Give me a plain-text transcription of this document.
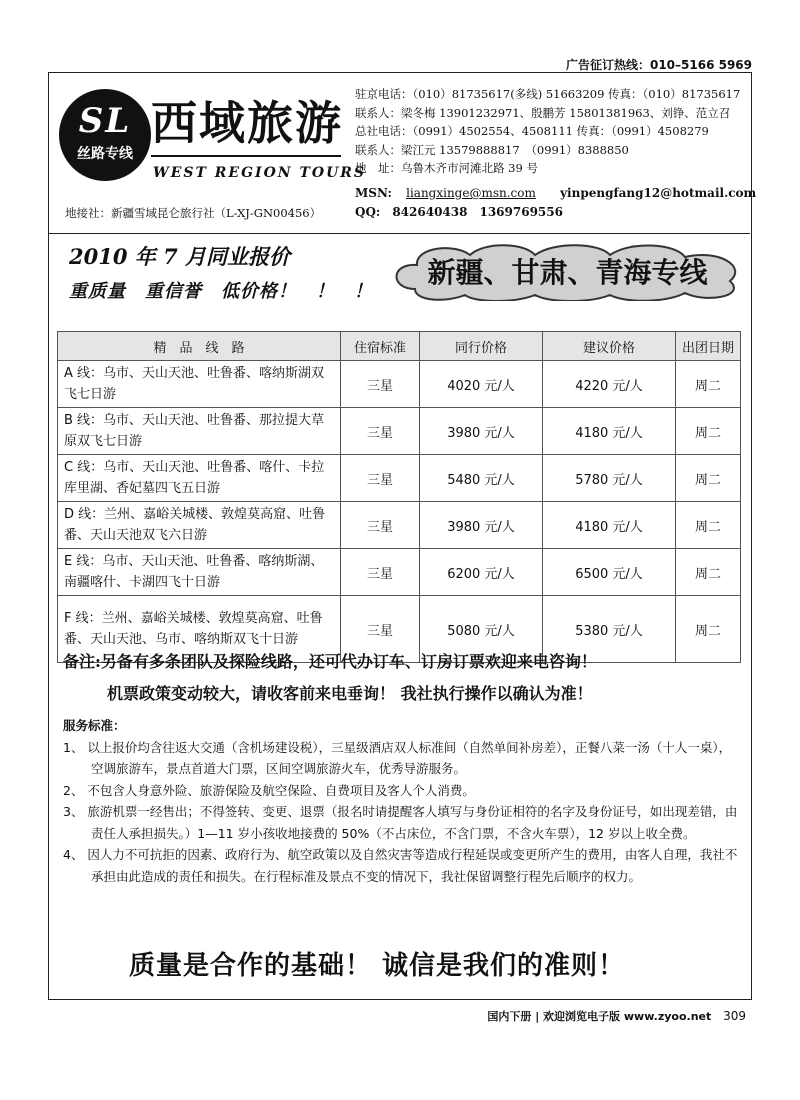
广告征订热线：010–5166 5969
SL
丝路专线
西域旅游
WEST REGION TOURS
驻京电话：（010）81735617(多线) 51663209 传真：（010）81735617
联系人：梁冬梅 13901232971、殷鹏芳 15801381963、刘铮、范立召
总社电话：（0991）4502554、4508111 传真：（0991）4508279
联系人：梁江元 13579888817　（0991）8388850
地　址：乌鲁木齐市河滩北路 39 号
MSN: liangxinge@msn.com yinpengfang12@hotmail.com
QQ:　842640438　1369769556
地接社：新疆雪域昆仑旅行社（L-XJ-GN00456）
2010 年 7 月同业报价
重质量　重信誉　低价格！　！　！
新疆、甘肃、青海专线
精　品　线　路	住宿标准	同行价格	建议价格	出团日期
A 线：乌市、天山天池、吐鲁番、喀纳斯湖双飞七日游	三星	4020 元/人	4220 元/人	周二
B 线：乌市、天山天池、吐鲁番、那拉提大草原双飞七日游	三星	3980 元/人	4180 元/人	周二
C 线：乌市、天山天池、吐鲁番、喀什、卡拉库里湖、香妃墓四飞五日游	三星	5480 元/人	5780 元/人	周二
D 线：兰州、嘉峪关城楼、敦煌莫高窟、吐鲁番、天山天池双飞六日游	三星	3980 元/人	4180 元/人	周二
E 线：乌市、天山天池、吐鲁番、喀纳斯湖、南疆喀什、卡湖四飞十日游	三星	6200 元/人	6500 元/人	周二
F 线：兰州、嘉峪关城楼、敦煌莫高窟、吐鲁番、天山天池、乌市、喀纳斯双飞十日游	三星	5080 元/人	5380 元/人	周二
备注:另备有多条团队及探险线路，还可代办订车、订房订票欢迎来电咨询！
机票政策变动较大，请收客前来电垂询！ 我社执行操作以确认为准！
服务标准：
1、 以上报价均含往返大交通（含机场建设税），三星级酒店双人标准间（自然单间补房差），正餐八菜一汤（十人一桌），空调旅游车，景点首道大门票，区间空调旅游火车，优秀导游服务。
2、 不包含人身意外险、旅游保险及航空保险、自费项目及客人个人消费。
3、 旅游机票一经售出；不得签转、变更、退票（报名时请提醒客人填写与身份证相符的名字及身份证号，如出现差错，由责任人承担损失。）1—11 岁小孩收地接费的 50%（不占床位，不含门票，不含火车票），12 岁以上收全费。
4、 因人力不可抗拒的因素、政府行为、航空政策以及自然灾害等造成行程延误或变更所产生的费用，由客人自理，我社不承担由此造成的责任和损失。在行程标准及景点不变的情况下，我社保留调整行程先后顺序的权力。
质量是合作的基础！ 诚信是我们的准则！
国内下册 | 欢迎浏览电子版 www.zyoo.net 309
